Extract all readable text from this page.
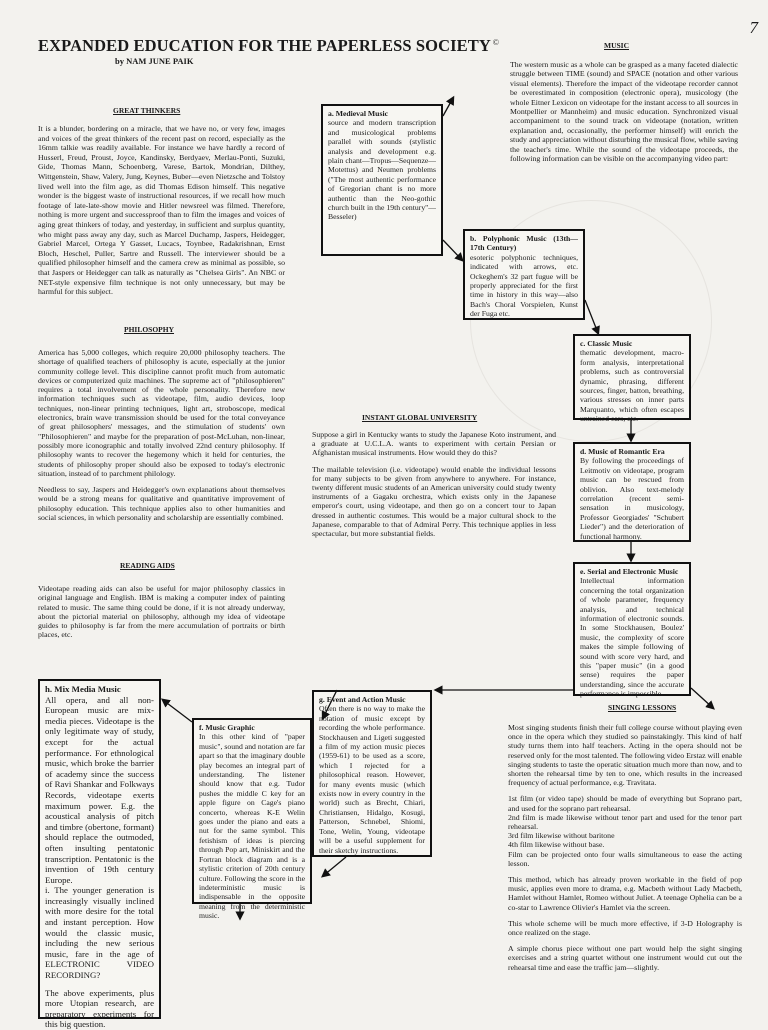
7
EXPANDED EDUCATION FOR THE PAPERLESS SOCIETY ©
by NAM JUNE PAIK
GREAT THINKERS

It is a blunder, bordering on a miracle, that we have no, or very few, images and voices of the great thinkers of the recent past on record, especially as the 16mm talkie was readily available. For instance we have hardly a record of Husserl, Freud, Proust, Joyce, Kandinsky, Berdyaev, Merlau-Ponti, Suzuki, Gide, Thomas Mann, Schoenberg, Varese, Bartok, Mondrian, Dilthey, Wittgenstein, Shaw, Valery, Jung, Keynes, Buber—even Nietzsche and Tolstoy lived well into the film age, as did Thomas Edison himself. This negative wonder is the biggest waste of instructional resources, if we recall how much footage of late-late-show movie and Hitler newsreel was filmed. Therefore, nothing is more urgent and successproof than to film the images and voices of aging great thinkers of today, and yesterday, in sufficient and surplus quantity, who might pass away any day, such as Marcel Duchamp, Jaspers, Heidegger, Gabriel Marcel, Ortega Y Gasset, Lucacs, Toynbee, Radakrishnan, Ernst Bloch, Heschel, Puller, Sartre and Russell. The interviewer should be a qualified philosopher himself and the camera crew as minimal as possible, so that Jaspers or Heidegger can talk as naturally as "Chelsea Girls". An NBC or NET-style expensive film technique is not only unnecessary, but may be harmful for this subject.

PHILOSOPHY

America has 5,000 colleges, which require 20,000 philosophy teachers. The shortage of qualified teachers of philosophy is acute, especially at the junior community college level. This discipline cannot profit much from automatic devices or computerized quiz machines. The supreme act of "philosophieren" requires a total involvement of the whole personality. Therefore new information techniques such as videotape, film, audio devices, loop techniques, non-linear printing techniques, light art, stroboscope, medical electronics, brain wave transmission should be used for the total conveyance of great philosophers' messages, and the stimulation of students' own "Philosophieren" and maybe for the preparation of post-McLuhan, non-linear, possibly more iconographic and totally involved 22nd century philosophy. If philosophy wants to recover the hegemony which it held for centuries, the students of philosophy proper should also be exposed to today's electronic situation, instead of to parchment philology.

Needless to say, Jaspers and Heidegger's own explanations about themselves would be a strong means for qualitative and quantitative improvement of philosophy education. This technique applies also to other humanities and social sciences, in which personality and scholarship are essentially combined.

READING AIDS

Videotape reading aids can also be useful for major philosophy classics in original language and English. IBM is making a computer index of painting related to music. The same thing could be done, if it is not already underway, about the pictorial material on philosophy, although my idea of videotape guides to philosophy is far from the mere accumulation of portraits or birth places, etc.

MUSIC

The western music as a whole can be grasped as a many faceted dialectic struggle between TIME (sound) and SPACE (notation and other various visual elements). Therefore the impact of the videotape recorder cannot be overestimated in composition (electronic opera), musicology (the whole Eitner Lexicon on videotape for the instant access to all sources in Montpellier or Mannheim) and music education. Synchronized visual accompaniment to the sound track on videotape (notation, written explanation and, occasionally, the performer himself) will enrich the study and appreciation without disturbing the musical flow, while saving the teacher's time. While the sound of the videotape proceeds, the following information can be visible on the accompanying video part:

INSTANT GLOBAL UNIVERSITY

Suppose a girl in Kentucky wants to study the Japanese Koto instrument, and a graduate at U.C.L.A. wants to experiment with certain Persian or Afghanistan musical instruments. How would they do this?

The mailable television (i.e. videotape) would enable the individual lessons for many subjects to be given from anywhere to anywhere. For instance, twenty different music students of an American university could study twenty instruments of a Gagaku orchestra, which exists only in the Japanese emperor's court, using videotape, and then go on a concert tour to Japan dressed in authentic costumes. This would be a major cultural shock to the Japanese, comparable to that of Admiral Perry. This technique applies in less spectacular, but more substantial fields.

SINGING LESSONS

Most singing students finish their full college course without playing even once in the opera which they studied so painstakingly. This kind of half study turns them into half teachers. Acting in the opera should not be reserved only for the most talented. The following video Erstaz will enable singing students to taste the operatic situation much more than now, and to shorten the rehearsal time by ten to one, which results in the increased frequency of actual performance, e.g. Travitata.

1st film (or video tape) should be made of everything but Soprano part, and used for the soprano part rehearsal.
2nd film is made likewise without tenor part and used for the tenor part rehearsal.
3rd film likewise without baritone
4th film likewise without base.

Film can be projected onto four walls simultaneous to ease the acting lesson.

This method, which has already proven workable in the field of pop music, applies even more to drama, e.g. Macbeth without Lady Macbeth, Hamlet without Hamlet, Romeo without Juliet. A teenage Ophelia can be a co-star to Lawrence Olivier's Hamlet via the screen.

This whole scheme will be much more effective, if 3-D Holography is once realized on the stage.

A simple chorus piece without one part would help the sight singing exercises and a string quartet without one instrument would cut out the rehearsal time and ease the traffic jam—slightly.

a. Medieval Music
source and modern transcription and musicological problems parallel with sounds (stylistic analysis and development e.g. plain chant—Tropus—Sequenze—Motettus) and Neumen problems ("The most authentic performance of Gregorian chant is no more authentic than the Neo-gothic church built in the 19th century"—Besseler)
b. Polyphonic Music (13th—17th Century)
esoteric polyphonic techniques, indicated with arrows, etc. Ockeghem's 32 part fugue will be properly appreciated for the first time in history in this way—also Bach's Choral Vorspielen, Kunst der Fuga etc.
c. Classic Music
thematic development, macro-form analysis, interpretational problems, such as controversial dynamic, phrasing, different sources, finger, batton, breathing, various stresses on inner parts Marquanto, which often escapes untrained ears, etc.
d. Music of Romantic Era
By following the proceedings of Leitmotiv on videotape, program music can be rescued from oblivion. Also text-melody correlation (recent semi-sensation in musicology, Professor Georgiades' "Schubert Lieder") and the deterioration of functional harmony.
e. Serial and Electronic Music
Intellectual information concerning the total organization of whole parameter, frequency analysis, and technical information of electronic sounds. In some Stockhausen, Boulez' music, the complexity of score makes the simple following of sound with score very hard, and this "paper music" (in a good sense) requires the paper understanding, since the accurate performance is impossible.
g. Event and Action Music
Often there is no way to make the notation of music except by recording the whole performance. Stockhausen and Ligeti suggested a film of my action music pieces (1959-61) to be used as a score, which I rejected for a philosophical reason. However, for many events music (which exists now in every country in the world) such as Brecht, Chiari, Christiansen, Hidalgo, Kosugi, Patterson, Schnebel, Shiomi, Tone, Welin, Young, videotape will be a useful supplement for their sketchy instructions.
f. Music Graphic
In this other kind of "paper music", sound and notation are far apart so that the imaginary double play becomes an integral part of understanding. The listener should know that e.g. Tudor pushes the middle C key for an apple figure on Cage's piano concerto, whereas K-E Welin goes under the piano and eats a nut for the same symbol. This fetishism of ideas is piercing through Pop art, Miniskirt and the Fortran block diagram and is a stylistic criterion of 20th century culture. Following the score in the indeterministic music is indispensable in the opposite meaning from the deterministic music.
h. Mix Media Music
All opera, and all non-European music are mix-media pieces. Videotape is the only legitimate way of study, except for the actual performance. For ethnological music, which broke the barrier of academy since the success of Ravi Shankar and Folkways Records, videotape exerts maximum power. E.g. the acoustical analysis of pitch and timbre (obertone, formant) should replace the outmoded, often insulting pentatonic transcription. Pentatonic is the invention of 19th century Europe.
i. The younger generation is increasingly visually inclined with more desire for the total and instant perception. How would the classic music, including the new serious music, fare in the age of ELECTRONIC VIDEO RECORDING?
The above experiments, plus more Utopian research, are preparatory experiments for this big question.
